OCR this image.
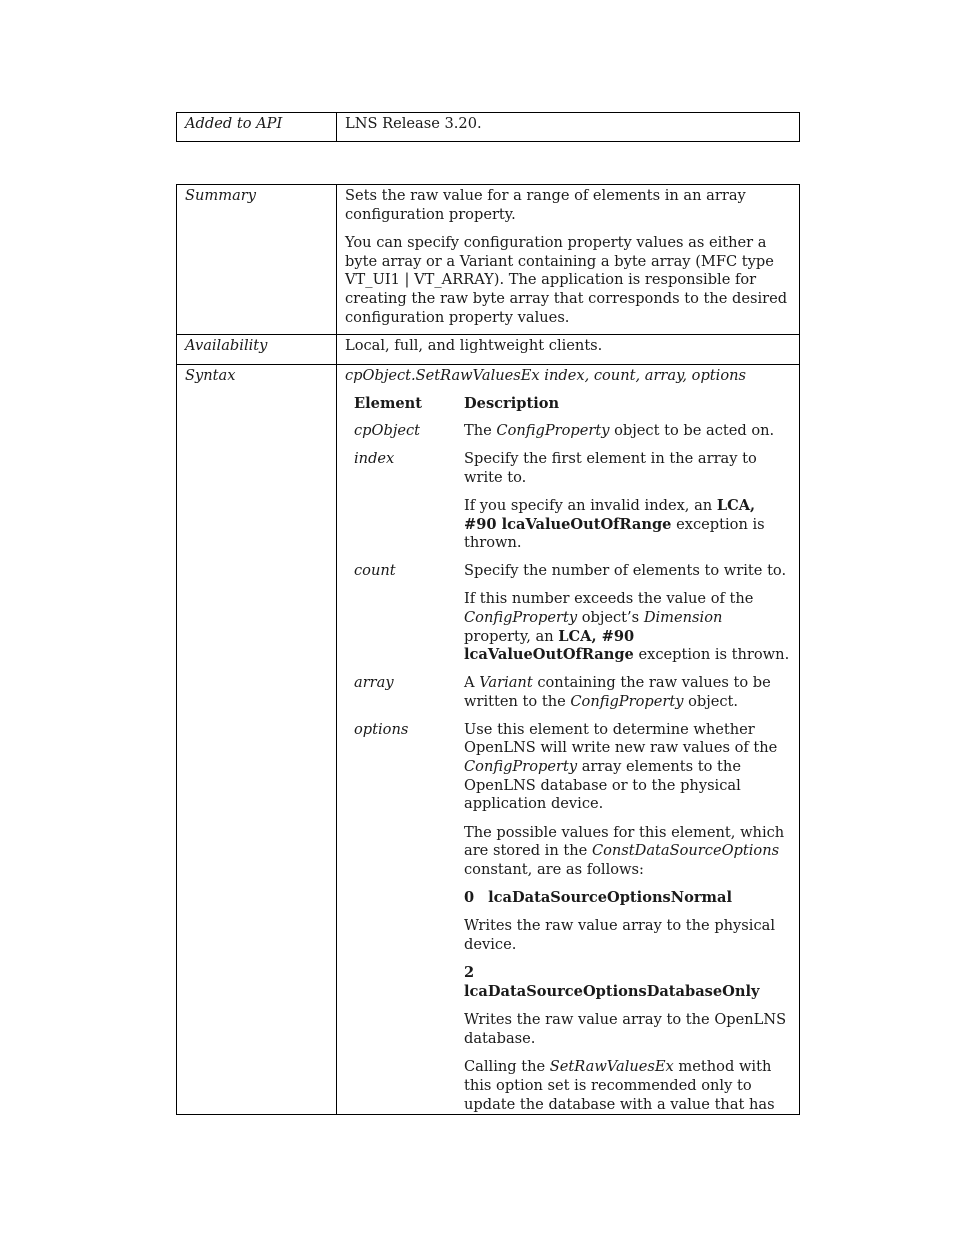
Added to API	LNS Release 3.20.
Summary	Sets the raw value for a range of elements in an array configuration property.

You can specify configuration property values as either a byte array or a Variant containing a byte array (MFC type VT_UI1 | VT_ARRAY). The application is responsible for creating the raw byte array that corresponds to the desired configuration property values.

Availability	Local, full, and lightweight clients.
Syntax	cpObject.SetRawValuesEx index, count, array, options
Element	Description
cpObject	The ConfigProperty object to be acted on.

index	Specify the first element in the array to write to.

If you specify an invalid index, an LCA, #90 lcaValueOutOfRange exception is thrown.

count	Specify the number of elements to write to.

If this number exceeds the value of the ConfigProperty object’s Dimension property, an LCA, #90 lcaValueOutOfRange exception is thrown.

array	A Variant containing the raw values to be written to the ConfigProperty object.

options	Use this element to determine whether OpenLNS will write new raw values of the ConfigProperty array elements to the OpenLNS database or to the physical application device.

The possible values for this element, which are stored in the ConstDataSourceOptions constant, are as follows:

0 lcaDataSourceOptionsNormal

Writes the raw value array to the physical device.

2
lcaDataSourceOptionsDatabaseOnly

Writes the raw value array to the OpenLNS database.

Calling the SetRawValuesEx method with this option set is recommended only to update the database with a value that has
